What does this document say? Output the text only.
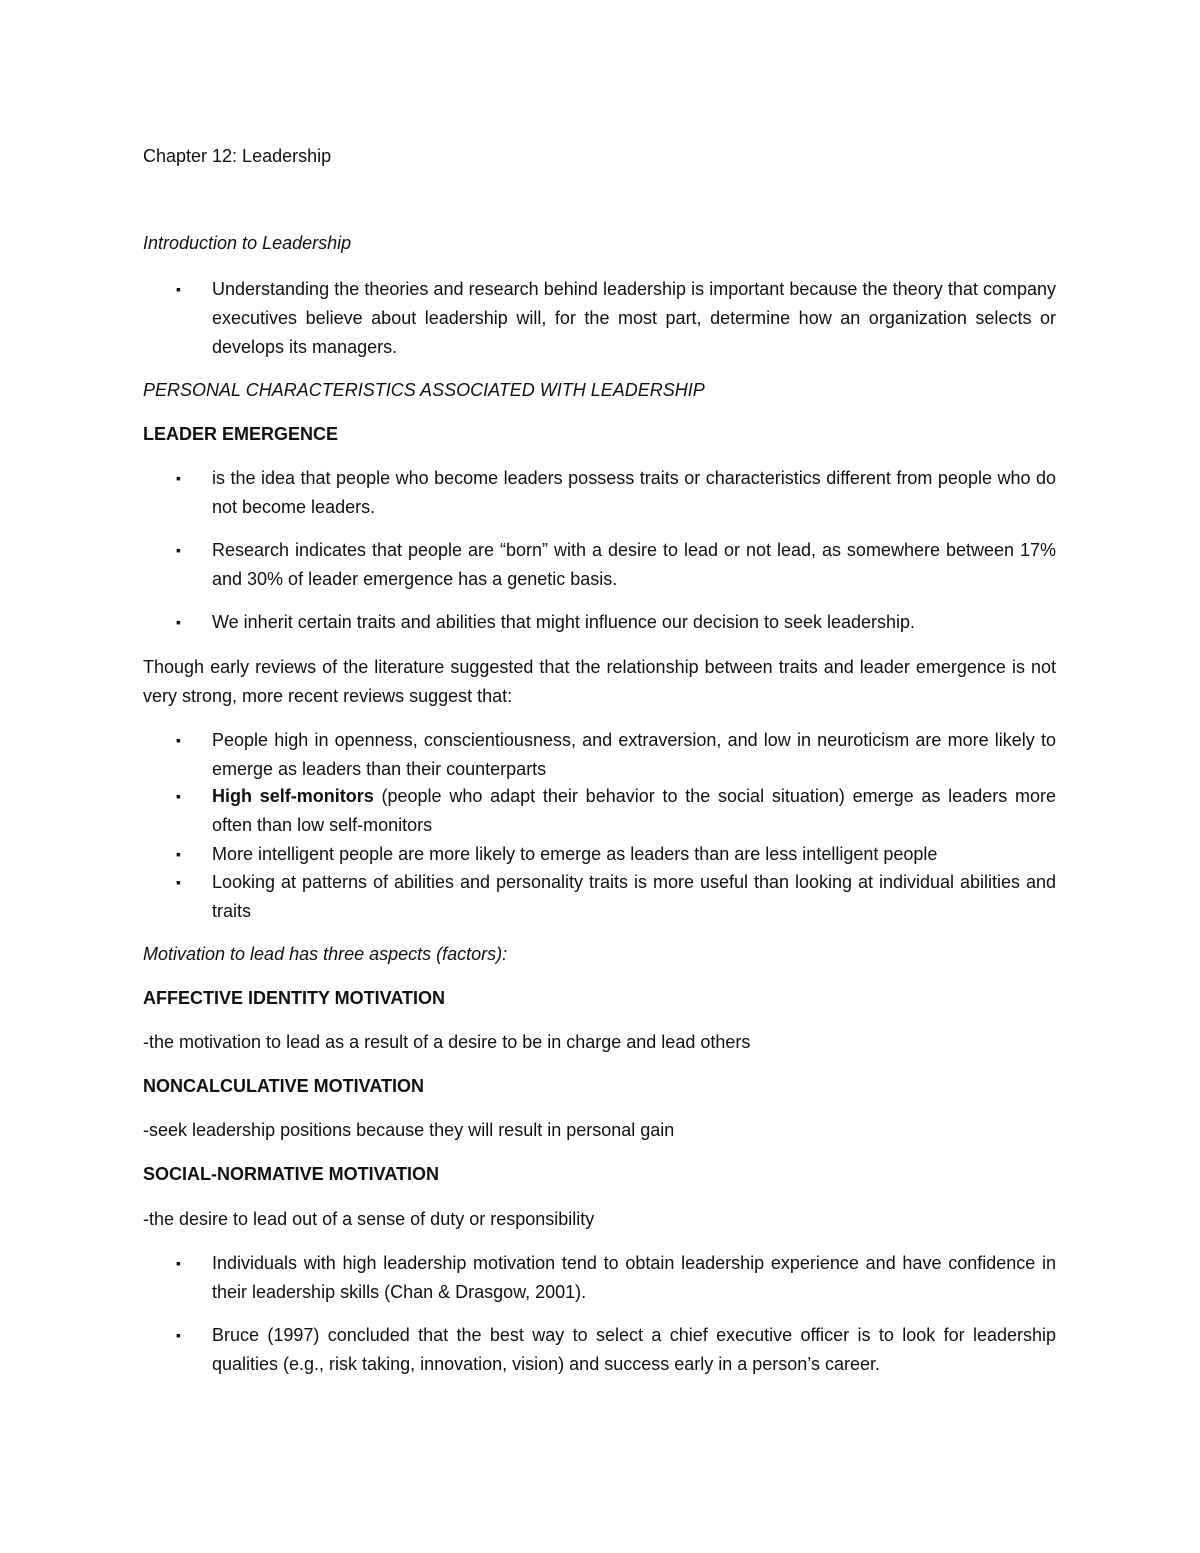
Chapter 12: Leadership

Introduction to Leadership

▪ Understanding the theories and research behind leadership is important because the theory that company executives believe about leadership will, for the most part, determine how an organization selects or develops its managers.

PERSONAL CHARACTERISTICS ASSOCIATED WITH LEADERSHIP

LEADER EMERGENCE

▪ is the idea that people who become leaders possess traits or characteristics different from people who do not become leaders.

▪ Research indicates that people are “born” with a desire to lead or not lead, as somewhere between 17% and 30% of leader emergence has a genetic basis.

▪ We inherit certain traits and abilities that might influence our decision to seek leadership.

Though early reviews of the literature suggested that the relationship between traits and leader emergence is not very strong, more recent reviews suggest that:

▪ People high in openness, conscientiousness, and extraversion, and low in neuroticism are more likely to emerge as leaders than their counterparts

▪ High self-monitors (people who adapt their behavior to the social situation) emerge as leaders more often than low self-monitors

▪ More intelligent people are more likely to emerge as leaders than are less intelligent people

▪ Looking at patterns of abilities and personality traits is more useful than looking at individual abilities and traits

Motivation to lead has three aspects (factors):

AFFECTIVE IDENTITY MOTIVATION

-the motivation to lead as a result of a desire to be in charge and lead others

NONCALCULATIVE MOTIVATION

-seek leadership positions because they will result in personal gain

SOCIAL-NORMATIVE MOTIVATION

-the desire to lead out of a sense of duty or responsibility

▪ Individuals with high leadership motivation tend to obtain leadership experience and have confidence in their leadership skills (Chan & Drasgow, 2001).

▪ Bruce (1997) concluded that the best way to select a chief executive officer is to look for leadership qualities (e.g., risk taking, innovation, vision) and success early in a person’s career.
